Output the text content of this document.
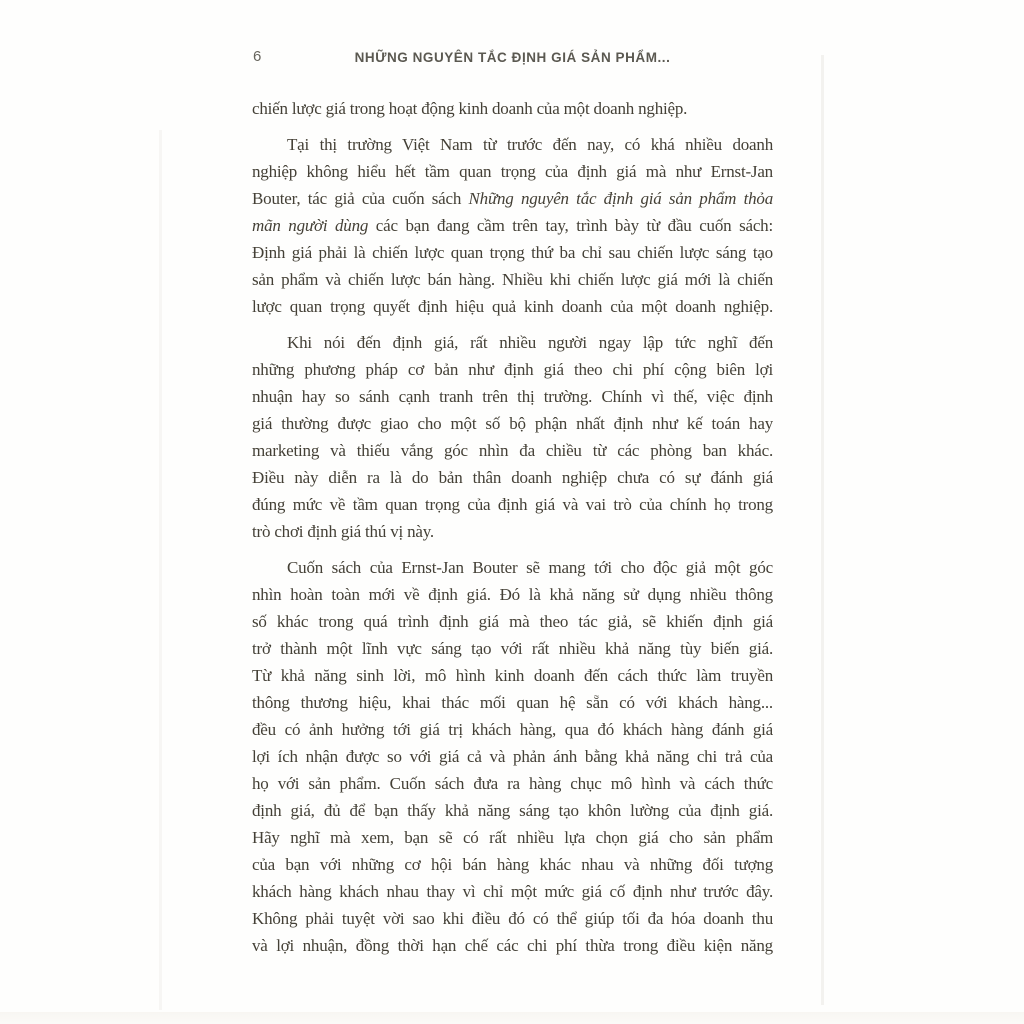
6	NHỮNG NGUYÊN TẮC ĐỊNH GIÁ SẢN PHẨM...
chiến lược giá trong hoạt động kinh doanh của một doanh nghiệp.
Tại thị trường Việt Nam từ trước đến nay, có khá nhiều doanh
nghiệp không hiểu hết tầm quan trọng của định giá mà như Ernst-Jan
Bouter, tác giả của cuốn sách Những nguyên tắc định giá sản phẩm thỏa
mãn người dùng các bạn đang cầm trên tay, trình bày từ đầu cuốn sách:
Định giá phải là chiến lược quan trọng thứ ba chỉ sau chiến lược sáng tạo
sản phẩm và chiến lược bán hàng. Nhiều khi chiến lược giá mới là chiến
lược quan trọng quyết định hiệu quả kinh doanh của một doanh nghiệp.
Khi nói đến định giá, rất nhiều người ngay lập tức nghĩ đến
những phương pháp cơ bản như định giá theo chi phí cộng biên lợi
nhuận hay so sánh cạnh tranh trên thị trường. Chính vì thế, việc định
giá thường được giao cho một số bộ phận nhất định như kế toán hay
marketing và thiếu vắng góc nhìn đa chiều từ các phòng ban khác.
Điều này diễn ra là do bản thân doanh nghiệp chưa có sự đánh giá
đúng mức về tầm quan trọng của định giá và vai trò của chính họ trong
trò chơi định giá thú vị này.
Cuốn sách của Ernst-Jan Bouter sẽ mang tới cho độc giả một góc
nhìn hoàn toàn mới về định giá. Đó là khả năng sử dụng nhiều thông
số khác trong quá trình định giá mà theo tác giả, sẽ khiến định giá
trở thành một lĩnh vực sáng tạo với rất nhiều khả năng tùy biến giá.
Từ khả năng sinh lời, mô hình kinh doanh đến cách thức làm truyền
thông thương hiệu, khai thác mối quan hệ sẵn có với khách hàng...
đều có ảnh hưởng tới giá trị khách hàng, qua đó khách hàng đánh giá
lợi ích nhận được so với giá cả và phản ánh bằng khả năng chi trả của
họ với sản phẩm. Cuốn sách đưa ra hàng chục mô hình và cách thức
định giá, đủ để bạn thấy khả năng sáng tạo khôn lường của định giá.
Hãy nghĩ mà xem, bạn sẽ có rất nhiều lựa chọn giá cho sản phẩm
của bạn với những cơ hội bán hàng khác nhau và những đối tượng
khách hàng khách nhau thay vì chỉ một mức giá cố định như trước đây.
Không phải tuyệt vời sao khi điều đó có thể giúp tối đa hóa doanh thu
và lợi nhuận, đồng thời hạn chế các chi phí thừa trong điều kiện năng
